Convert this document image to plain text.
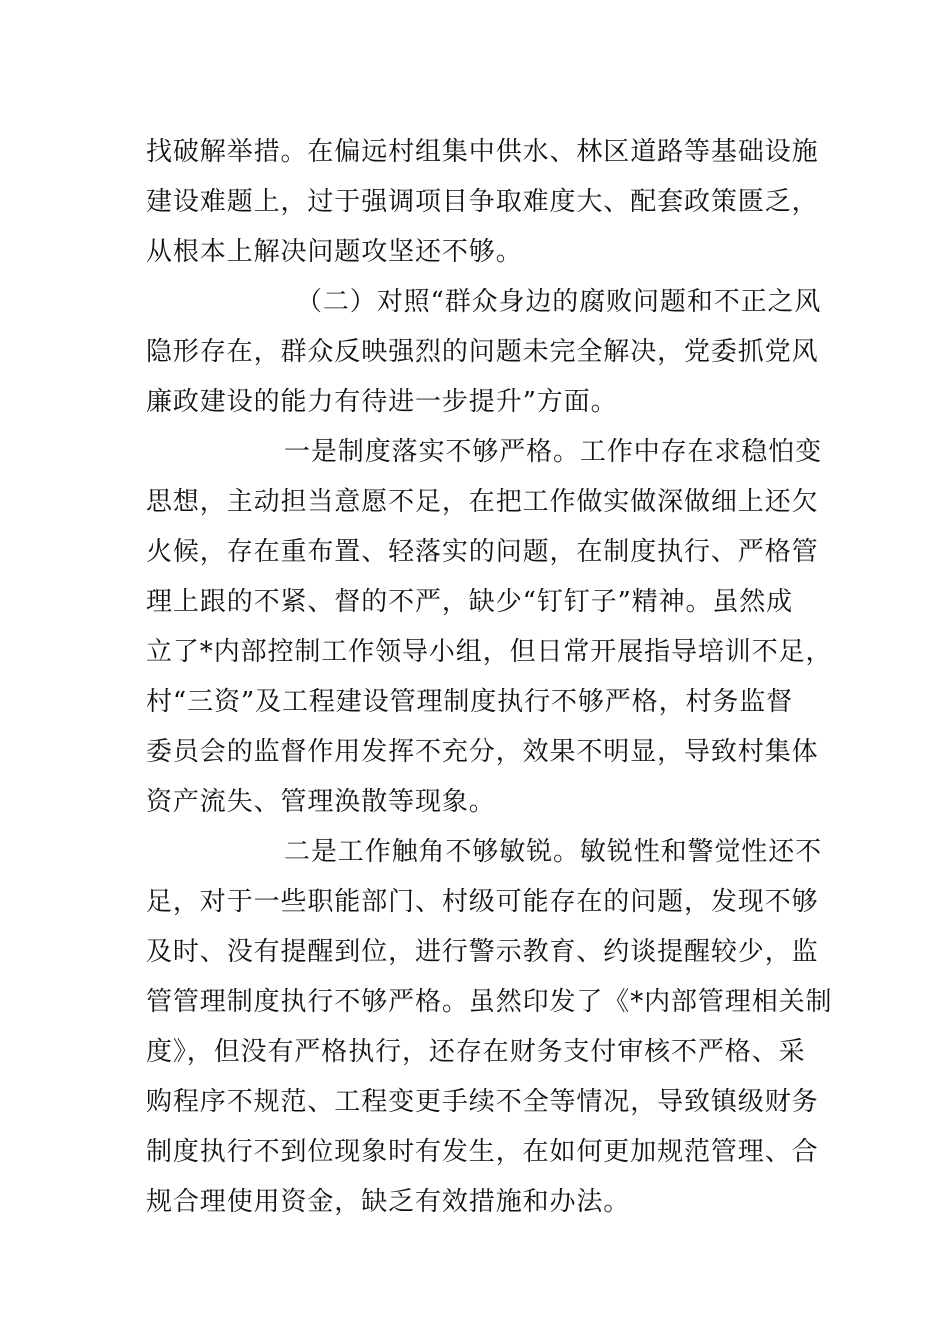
找破解举措。在偏远村组集中供水、林区道路等基础设施
建设难题上，过于强调项目争取难度大、配套政策匮乏，
从根本上解决问题攻坚还不够。
（二）对照“群众身边的腐败问题和不正之风
隐形存在，群众反映强烈的问题未完全解决，党委抓党风
廉政建设的能力有待进一步提升”方面。
一是制度落实不够严格。工作中存在求稳怕变
思想，主动担当意愿不足，在把工作做实做深做细上还欠
火候，存在重布置、轻落实的问题，在制度执行、严格管
理上跟的不紧、督的不严，缺少“钉钉子”精神。虽然成
立了*内部控制工作领导小组，但日常开展指导培训不足，
村“三资”及工程建设管理制度执行不够严格，村务监督
委员会的监督作用发挥不充分，效果不明显，导致村集体
资产流失、管理涣散等现象。
二是工作触角不够敏锐。敏锐性和警觉性还不
足，对于一些职能部门、村级可能存在的问题，发现不够
及时、没有提醒到位，进行警示教育、约谈提醒较少，监
管管理制度执行不够严格。虽然印发了《*内部管理相关制
度》，但没有严格执行，还存在财务支付审核不严格、采
购程序不规范、工程变更手续不全等情况，导致镇级财务
制度执行不到位现象时有发生，在如何更加规范管理、合
规合理使用资金，缺乏有效措施和办法。
